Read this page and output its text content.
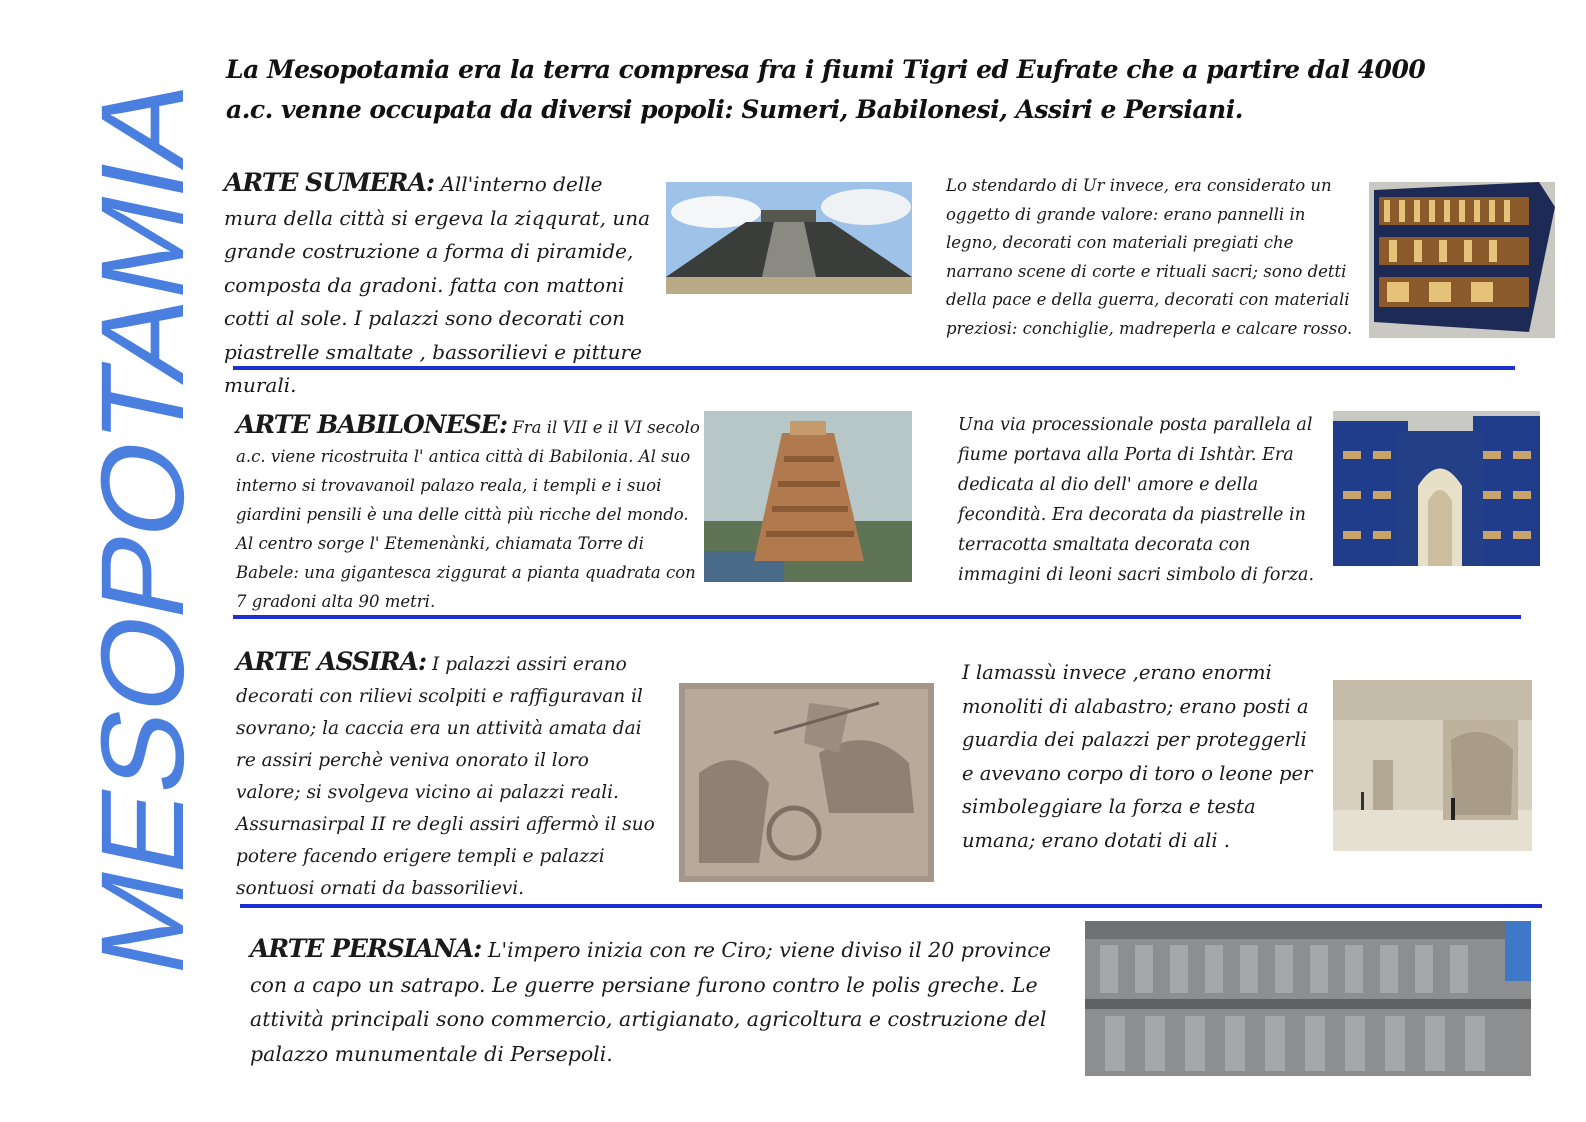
MESOPOTAMIA
La Mesopotamia era la terra compresa fra i fiumi Tigri ed Eufrate che a partire dal 4000 a.c. venne occupata da diversi popoli: Sumeri, Babilonesi, Assiri e Persiani.
ARTE SUMERA: All'interno delle mura della città si ergeva la ziqqurat, una grande costruzione a forma di piramide, composta da gradoni. fatta con mattoni cotti al sole. I palazzi sono decorati con piastrelle smaltate , bassorilievi e pitture murali.
Lo stendardo di Ur invece, era considerato un oggetto di grande valore: erano pannelli in legno, decorati con materiali pregiati che narrano scene di corte e rituali sacri; sono detti della pace e della guerra, decorati con materiali preziosi: conchiglie, madreperla e calcare rosso.
ARTE BABILONESE: Fra il VII e il VI secolo a.c. viene ricostruita l' antica città di Babilonia. Al suo interno si trovavanoil palazo reala, i templi e i suoi giardini pensili è una delle città più ricche del mondo. Al centro sorge l' Etemenànki, chiamata Torre di Babele: una gigantesca ziggurat a pianta quadrata con 7 gradoni alta 90 metri.
Una via processionale posta parallela al fiume portava alla Porta di Ishtàr. Era dedicata al dio dell' amore e della fecondità. Era decorata da piastrelle in terracotta smaltata decorata con immagini di leoni sacri simbolo di forza.
ARTE ASSIRA: I palazzi assiri erano decorati con rilievi scolpiti e raffiguravan il sovrano; la caccia era un attività amata dai re assiri perchè veniva onorato il loro valore; si svolgeva vicino ai palazzi reali. Assurnasirpal II re degli assiri affermò il suo potere facendo erigere templi e palazzi sontuosi ornati da bassorilievi.
I lamassù invece ,erano enormi monoliti di alabastro; erano posti a guardia dei palazzi per proteggerli e avevano corpo di toro o leone per simboleggiare la forza e testa umana; erano dotati di ali .
ARTE PERSIANA: L'impero inizia con re Ciro; viene diviso il 20 province con a capo un satrapo. Le guerre persiane furono contro le polis greche. Le attività principali sono commercio, artigianato, agricoltura e costruzione del palazzo munumentale di Persepoli.
